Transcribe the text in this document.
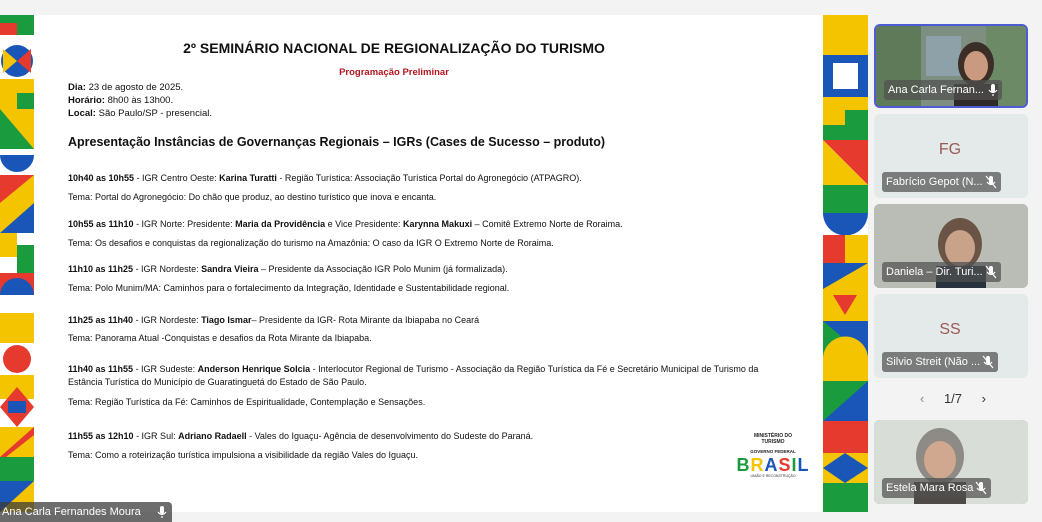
2º SEMINÁRIO NACIONAL DE REGIONALIZAÇÃO DO TURISMO
Programação Preliminar
Dia: 23 de agosto de 2025.
Horário: 8h00 às 13h00.
Local: São Paulo/SP - presencial.
Apresentação Instâncias de Governanças Regionais – IGRs (Cases de Sucesso – produto)
10h40 as 10h55 - IGR Centro Oeste: Karina Turatti - Região Turística: Associação Turística Portal do Agronegócio (ATPAGRO).
Tema: Portal do Agronegócio: Do chão que produz, ao destino turístico que inova e encanta.
10h55 as 11h10 - IGR Norte: Presidente: Maria da Providência e Vice Presidente: Karynna Makuxi – Comitê Extremo Norte de Roraima.
Tema: Os desafios e conquistas da regionalização do turismo na Amazônia: O caso da IGR O Extremo Norte de Roraima.
11h10 as 11h25 - IGR Nordeste: Sandra Vieira – Presidente da Associação IGR Polo Munim (já formalizada).
Tema: Polo Munim/MA: Caminhos para o fortalecimento da Integração, Identidade e Sustentabilidade regional.
11h25 as 11h40 - IGR Nordeste: Tiago Ismar– Presidente da IGR- Rota Mirante da Ibiapaba no Ceará
Tema: Panorama Atual -Conquistas e desafios da Rota Mirante da Ibiapaba.
11h40 as 11h55 - IGR Sudeste: Anderson Henrique Solcia - Interlocutor Regional de Turismo - Associação da Região Turística da Fé e Secretário Municipal de Turismo da Estância Turística do Município de Guaratinguetá do Estado de São Paulo.
Tema: Região Turística da Fé: Caminhos de Espiritualidade, Contemplação e Sensações.
11h55 as 12h10 - IGR Sul: Adriano Radaell - Vales do Iguaçu- Agência de desenvolvimento do Sudeste do Paraná.
Tema: Como a roteirização turística impulsiona a visibilidade da região Vales do Iguaçu.
MINISTÉRIO DO
TURISMO
GOVERNO FEDERAL
BRASIL
UNIÃO E RECONSTRUÇÃO
Ana Carla Fernandes Moura
Ana Carla Fernan...
FG
Fabrício Gepot (N...
Daniela – Dir. Turi...
SS
Silvio Streit (Não ...
‹ 1/7 ›
Estela Mara Rosa
